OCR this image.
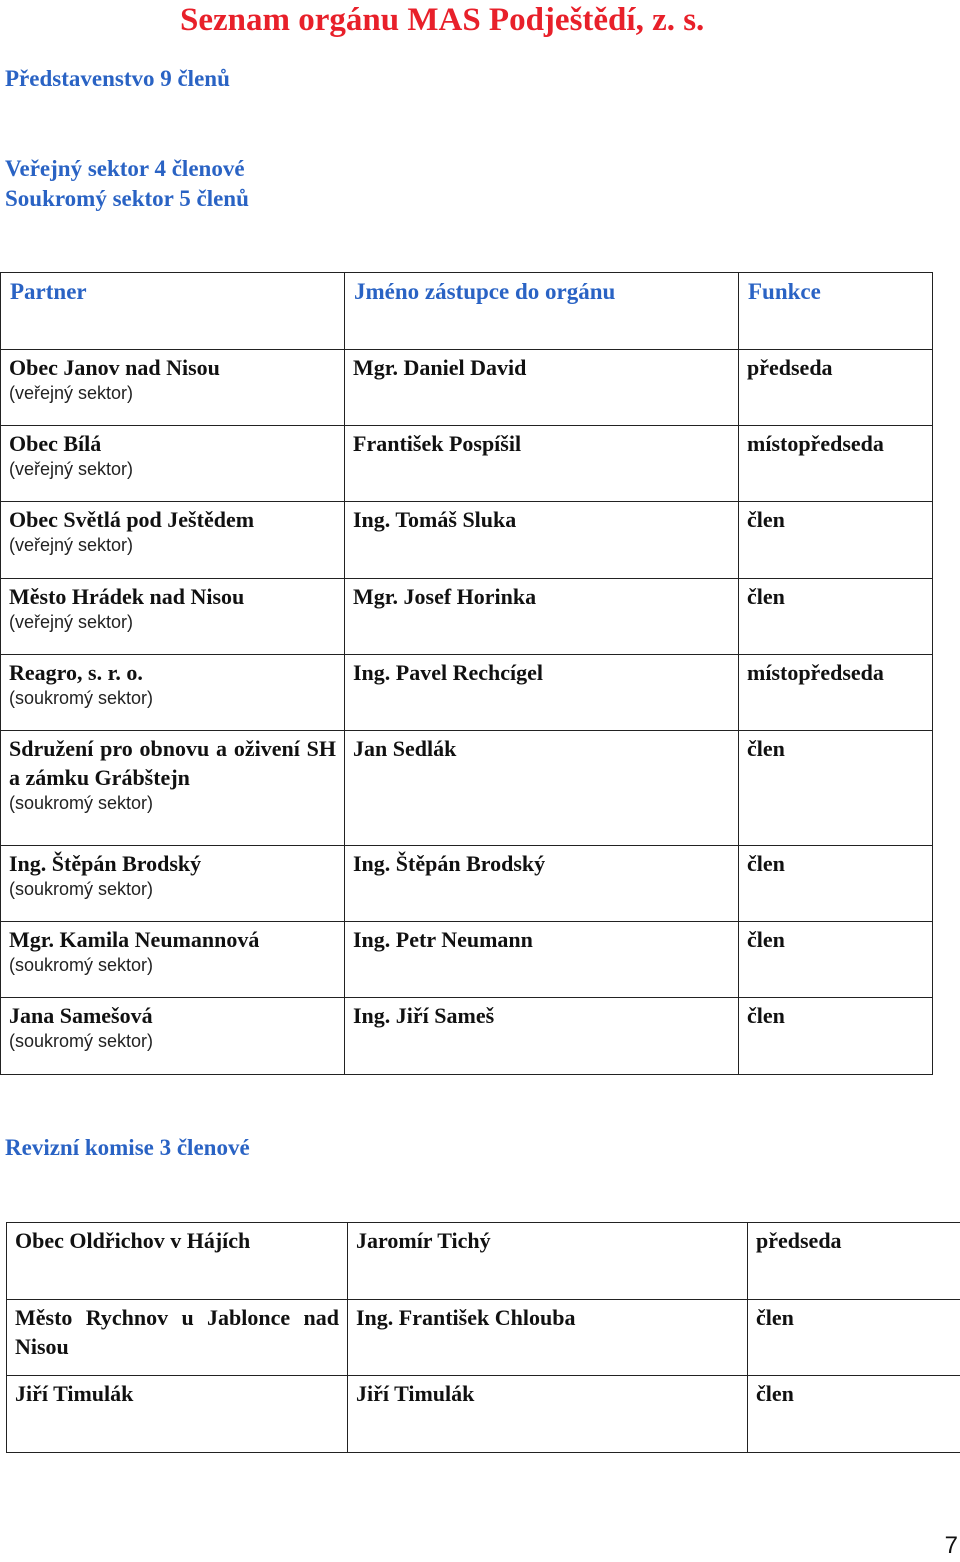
Seznam orgánu MAS Podještědí, z. s.
Představenstvo 9 členů
Veřejný sektor 4 členové
Soukromý sektor 5 členů
Partner	Jméno zástupce do orgánu	Funkce

Obec Janov nad Nisou
(veřejný sektor)	Mgr. Daniel David	předseda

Obec Bílá
(veřejný sektor)	František Pospíšil	místopředseda

Obec Světlá pod Ještědem
(veřejný sektor)	Ing. Tomáš Sluka	člen

Město Hrádek nad Nisou
(veřejný sektor)	Mgr. Josef Horinka	člen

Reagro, s. r. o.
(soukromý sektor)	Ing. Pavel Rechcígel	místopředseda

Sdružení pro obnovu a oživení SH a zámku Grábštejn
(soukromý sektor)	Jan Sedlák	člen

Ing. Štěpán Brodský
(soukromý sektor)	Ing. Štěpán Brodský	člen

Mgr. Kamila Neumannová
(soukromý sektor)	Ing. Petr Neumann	člen

Jana Samešová
(soukromý sektor)	Ing. Jiří Sameš	člen
Revizní komise 3 členové
Obec Oldřichov v Hájích	Jaromír Tichý	předseda

Město Rychnov u Jablonce nad Nisou	Ing. František Chlouba	člen

Jiří Timulák	Jiří Timulák	člen
7
